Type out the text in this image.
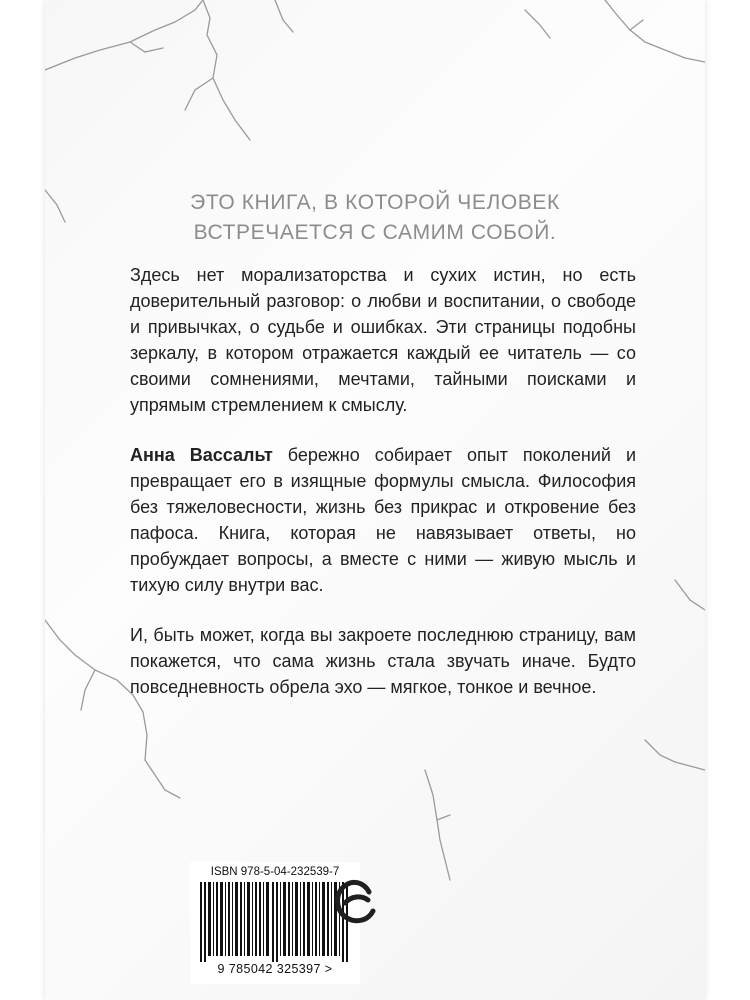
ЭТО КНИГА, В КОТОРОЙ ЧЕЛОВЕК
ВСТРЕЧАЕТСЯ С САМИМ СОБОЙ.

Здесь нет морализаторства и сухих истин, но есть доверительный разговор: о любви и воспитании, о свободе и привычках, о судьбе и ошибках. Эти страницы подобны зеркалу, в котором отражается каждый ее читатель — со своими сомнениями, мечтами, тайными поисками и упрямым стремлением к смыслу.

Анна Вассальт бережно собирает опыт поколений и превращает его в изящные формулы смысла. Философия без тяжеловесности, жизнь без прикрас и откровение без пафоса. Книга, которая не навязывает ответы, но пробуждает вопросы, а вместе с ними — живую мысль и тихую силу внутри вас.

И, быть может, когда вы закроете последнюю страницу, вам покажется, что сама жизнь стала звучать иначе. Будто повседневность обрела эхо — мягкое, тонкое и вечное.

ISBN 978-5-04-232539-7
9 785042 325397 >
